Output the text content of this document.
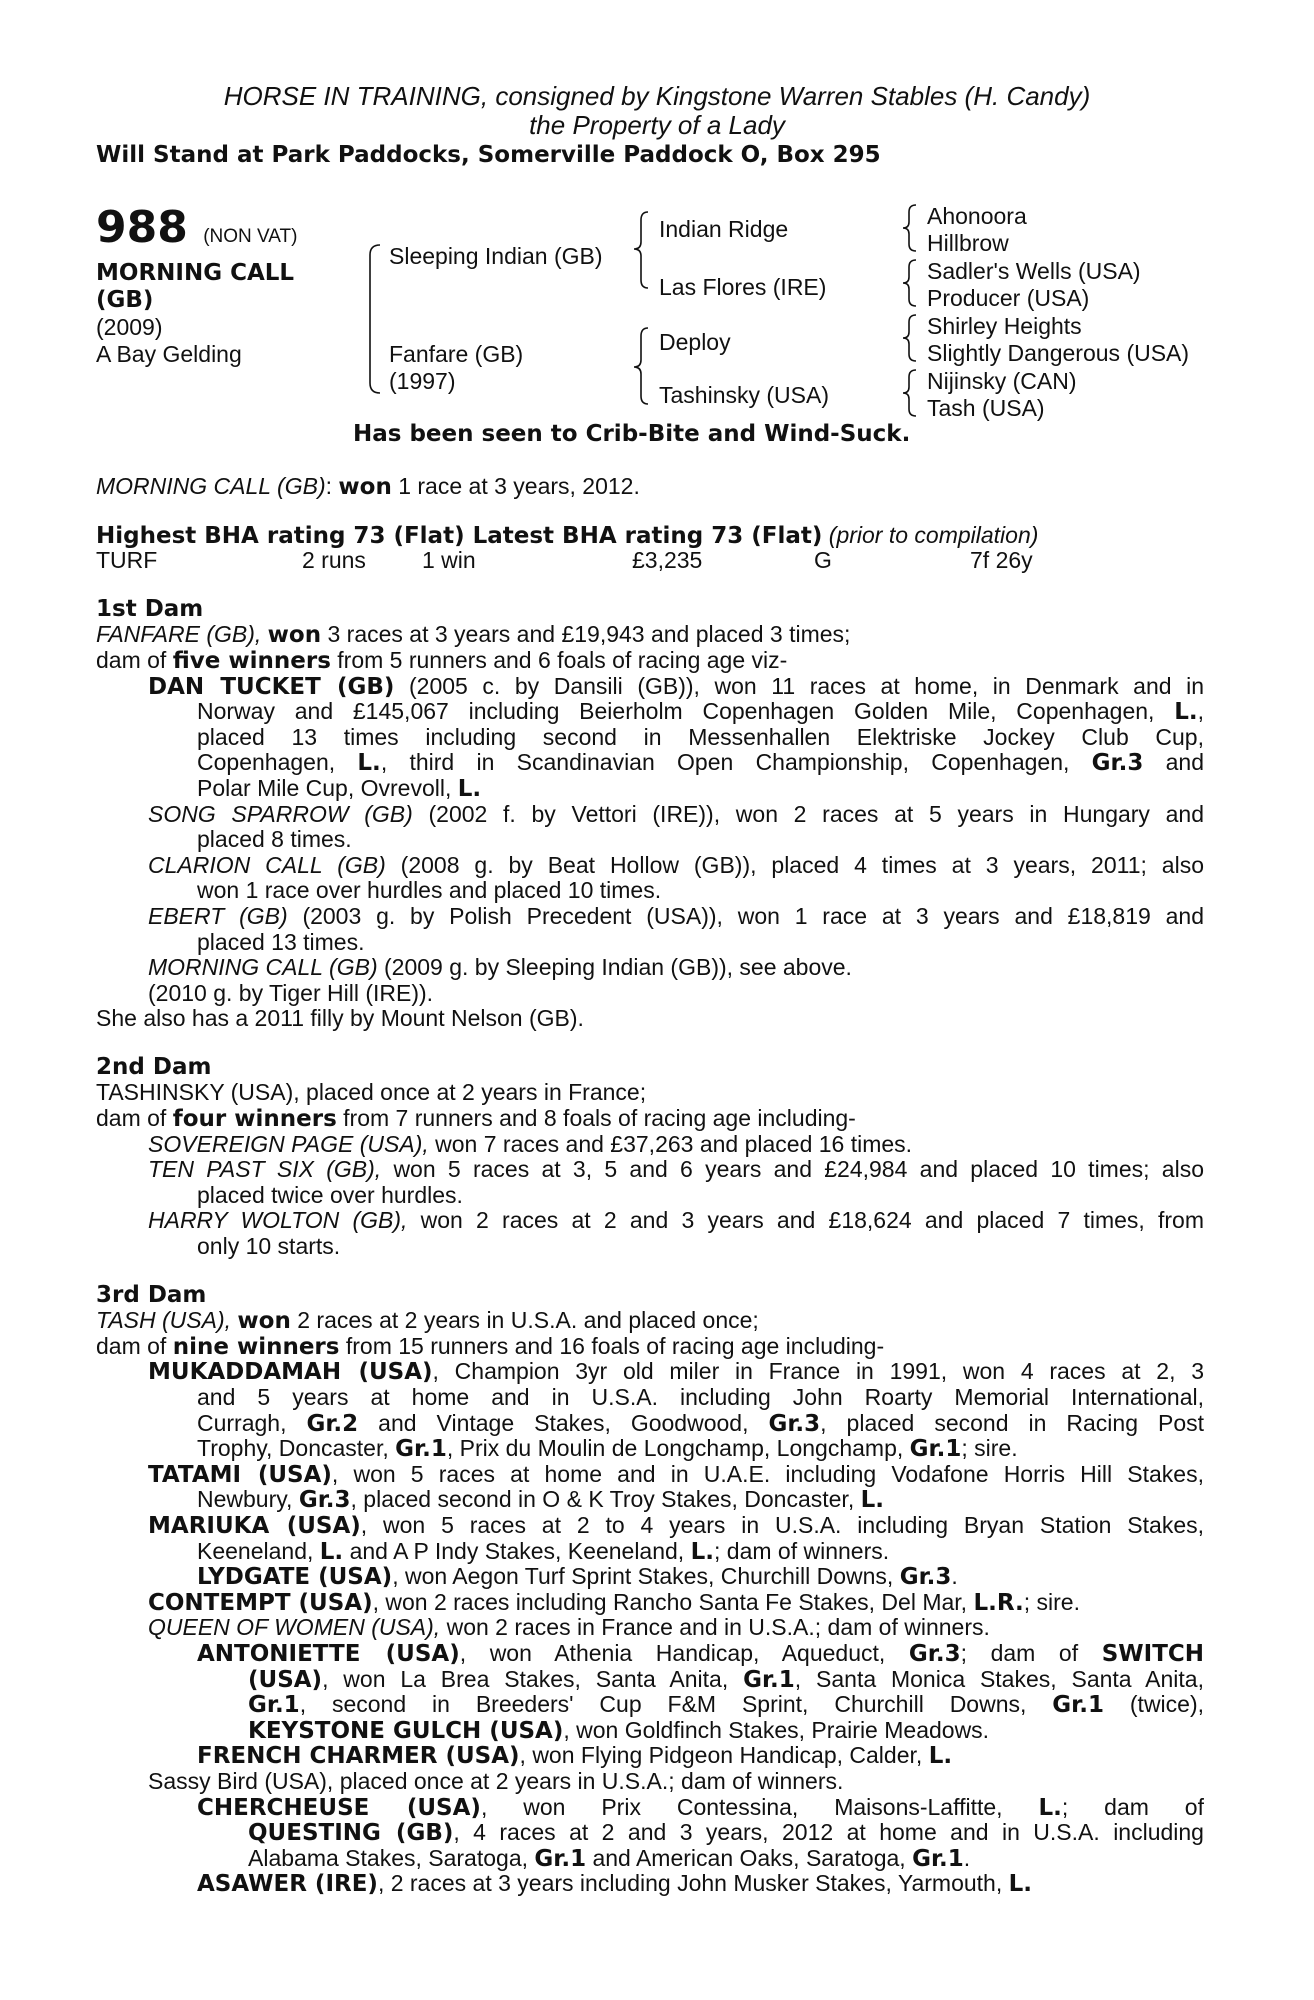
HORSE IN TRAINING, consigned by Kingstone Warren Stables (H. Candy)
the Property of a Lady
Will Stand at Park Paddocks, Somerville Paddock O, Box 295
988 (NON VAT)
MORNING CALL
(GB)
(2009)
A Bay Gelding
Sleeping Indian (GB)
Fanfare (GB)
(1997)
Indian Ridge
Las Flores (IRE)
Deploy
Tashinsky (USA)
Ahonoora
Hillbrow
Sadler's Wells (USA)
Producer (USA)
Shirley Heights
Slightly Dangerous (USA)
Nijinsky (CAN)
Tash (USA)
Has been seen to Crib-Bite and Wind-Suck.

MORNING CALL (GB): won 1 race at 3 years, 2012.

Highest BHA rating 73 (Flat) Latest BHA rating 73 (Flat) (prior to compilation)

TURF	2 runs 1 win	£3,235	G	7f 26y

1st Dam

FANFARE (GB), won 3 races at 3 years and £19,943 and placed 3 times;

dam of five winners from 5 runners and 6 foals of racing age viz-

DAN TUCKET (GB) (2005 c. by Dansili (GB)), won 11 races at home, in Denmark and in

Norway and £145,067 including Beierholm Copenhagen Golden Mile, Copenhagen, L.,

placed 13 times including second in Messenhallen Elektriske Jockey Club Cup,

Copenhagen, L., third in Scandinavian Open Championship, Copenhagen, Gr.3 and

Polar Mile Cup, Ovrevoll, L.

SONG SPARROW (GB) (2002 f. by Vettori (IRE)), won 2 races at 5 years in Hungary and

placed 8 times.

CLARION CALL (GB) (2008 g. by Beat Hollow (GB)), placed 4 times at 3 years, 2011; also

won 1 race over hurdles and placed 10 times.

EBERT (GB) (2003 g. by Polish Precedent (USA)), won 1 race at 3 years and £18,819 and

placed 13 times.

MORNING CALL (GB) (2009 g. by Sleeping Indian (GB)), see above.

(2010 g. by Tiger Hill (IRE)).

She also has a 2011 filly by Mount Nelson (GB).

2nd Dam

TASHINSKY (USA), placed once at 2 years in France;

dam of four winners from 7 runners and 8 foals of racing age including-

SOVEREIGN PAGE (USA), won 7 races and £37,263 and placed 16 times.

TEN PAST SIX (GB), won 5 races at 3, 5 and 6 years and £24,984 and placed 10 times; also

placed twice over hurdles.

HARRY WOLTON (GB), won 2 races at 2 and 3 years and £18,624 and placed 7 times, from

only 10 starts.

3rd Dam

TASH (USA), won 2 races at 2 years in U.S.A. and placed once;

dam of nine winners from 15 runners and 16 foals of racing age including-

MUKADDAMAH (USA), Champion 3yr old miler in France in 1991, won 4 races at 2, 3

and 5 years at home and in U.S.A. including John Roarty Memorial International,

Curragh, Gr.2 and Vintage Stakes, Goodwood, Gr.3, placed second in Racing Post

Trophy, Doncaster, Gr.1, Prix du Moulin de Longchamp, Longchamp, Gr.1; sire.

TATAMI (USA), won 5 races at home and in U.A.E. including Vodafone Horris Hill Stakes,

Newbury, Gr.3, placed second in O & K Troy Stakes, Doncaster, L.

MARIUKA (USA), won 5 races at 2 to 4 years in U.S.A. including Bryan Station Stakes,

Keeneland, L. and A P Indy Stakes, Keeneland, L.; dam of winners.

LYDGATE (USA), won Aegon Turf Sprint Stakes, Churchill Downs, Gr.3.

CONTEMPT (USA), won 2 races including Rancho Santa Fe Stakes, Del Mar, L.R.; sire.

QUEEN OF WOMEN (USA), won 2 races in France and in U.S.A.; dam of winners.

ANTONIETTE (USA), won Athenia Handicap, Aqueduct, Gr.3; dam of SWITCH

(USA), won La Brea Stakes, Santa Anita, Gr.1, Santa Monica Stakes, Santa Anita,

Gr.1, second in Breeders' Cup F&M Sprint, Churchill Downs, Gr.1 (twice),

KEYSTONE GULCH (USA), won Goldfinch Stakes, Prairie Meadows.

FRENCH CHARMER (USA), won Flying Pidgeon Handicap, Calder, L.

Sassy Bird (USA), placed once at 2 years in U.S.A.; dam of winners.

CHERCHEUSE (USA), won Prix Contessina, Maisons-Laffitte, L.; dam of

QUESTING (GB), 4 races at 2 and 3 years, 2012 at home and in U.S.A. including

Alabama Stakes, Saratoga, Gr.1 and American Oaks, Saratoga, Gr.1.

ASAWER (IRE), 2 races at 3 years including John Musker Stakes, Yarmouth, L.
